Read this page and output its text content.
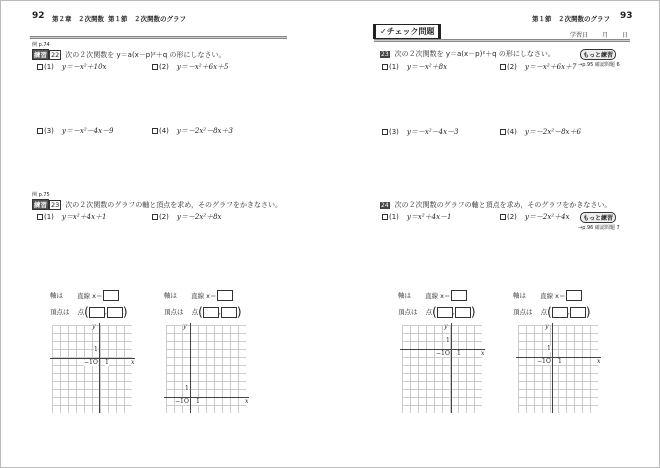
92 第２章　２次関数 第１節　２次関数のグラフ
例 p.74
練習 22 次の２次関数を y＝a(x－p)²＋q の形にしなさい。
(1) y＝－x²＋10x	(2) y＝－x²＋6x＋5
(3) y＝－x²－4x－9	(4) y＝－2x²－8x＋3
例 p.75
練習 23 次の２次関数のグラフの軸と頂点を求め，そのグラフをかきなさい。
(1) y＝x²＋4x＋1	(2) y＝－2x²＋8x
第１節　２次関数のグラフ 93
✓チェック問題	学習日 月 日
23 次の２次関数を y＝a(x－p)²＋q の形にしなさい。	もっと練習
→p.95 確認問題 6
(1) y＝－x²＋8x	(2) y＝－x²＋6x＋7
(3) y＝－x²－4x－3	(4) y＝－2x²－8x＋6
24 次の２次関数のグラフの軸と頂点を求め，そのグラフをかきなさい。
もっと練習
→p.96 確認問題 7
(1) y＝x²＋4x－1	(2) y＝－2x²＋4x
軸は 直線 x＝
頂点は 点( , )
y
x
1
1
−1 O
軸は 直線 x＝
頂点は 点( , )
y
x
1
1
−1 O
軸は 直線 x＝
頂点は 点( , )
y
x
1
1
−1 O
軸は 直線 x＝
頂点は 点( , )
y
x
1
1
−1 O
